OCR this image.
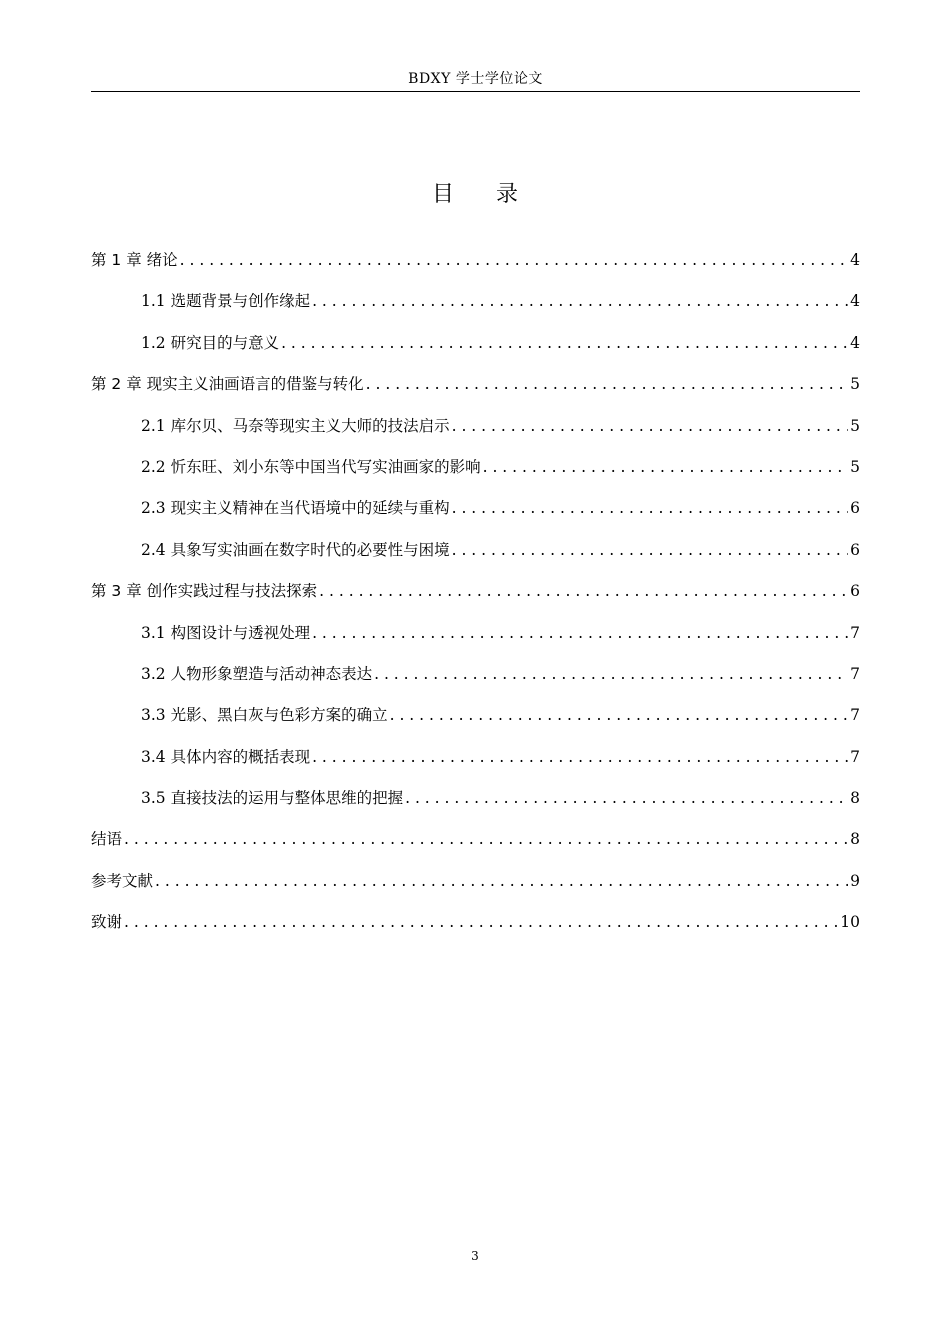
BDXY 学士学位论文
目录
第 1 章 绪论 . . .	4
1.1 选题背景与创作缘起 . . .	4
1.2 研究目的与意义 . . .	4
第 2 章 现实主义油画语言的借鉴与转化 . . .	5
2.1 库尔贝、马奈等现实主义大师的技法启示 . . .	5
2.2 忻东旺、刘小东等中国当代写实油画家的影响 . . .	5
2.3 现实主义精神在当代语境中的延续与重构 . . .	6
2.4 具象写实油画在数字时代的必要性与困境 . . .	6
第 3 章 创作实践过程与技法探索 . . .	6
3.1 构图设计与透视处理 . . .	7
3.2 人物形象塑造与活动神态表达 . . .	7
3.3 光影、黑白灰与色彩方案的确立 . . .	7
3.4 具体内容的概括表现 . . .	7
3.5 直接技法的运用与整体思维的把握 . . .	8
结语 . . .	8
参考文献 . . .	9
致谢 . . .	10
3
